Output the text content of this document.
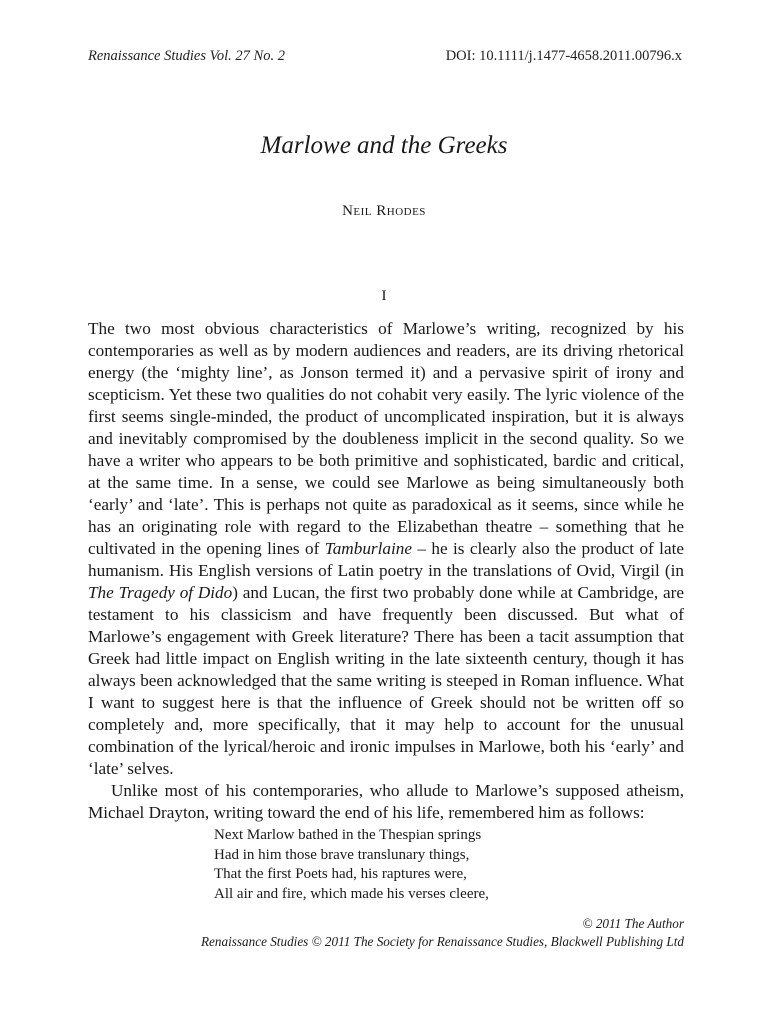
Renaissance Studies Vol. 27 No. 2	DOI: 10.1111/j.1477-4658.2011.00796.x
Marlowe and the Greeks
Neil Rhodes
I

The two most obvious characteristics of Marlowe’s writing, recognized by his contemporaries as well as by modern audiences and readers, are its driving rhetorical energy (the ‘mighty line’, as Jonson termed it) and a pervasive spirit of irony and scepticism. Yet these two qualities do not cohabit very easily. The lyric violence of the first seems single-minded, the product of uncomplicated inspiration, but it is always and inevitably compromised by the doubleness implicit in the second quality. So we have a writer who appears to be both primitive and sophisticated, bardic and critical, at the same time. In a sense, we could see Marlowe as being simultaneously both ‘early’ and ‘late’. This is perhaps not quite as paradoxical as it seems, since while he has an originating role with regard to the Elizabethan theatre – something that he cultivated in the opening lines of Tamburlaine – he is clearly also the product of late humanism. His English versions of Latin poetry in the translations of Ovid, Virgil (in The Tragedy of Dido) and Lucan, the first two probably done while at Cambridge, are testament to his classicism and have frequently been discussed. But what of Marlowe’s engagement with Greek literature? There has been a tacit assumption that Greek had little impact on English writing in the late sixteenth century, though it has always been acknowledged that the same writing is steeped in Roman influence. What I want to suggest here is that the influence of Greek should not be written off so completely and, more specifically, that it may help to account for the unusual combination of the lyrical/heroic and ironic impulses in Marlowe, both his ‘early’ and ‘late’ selves.

Unlike most of his contemporaries, who allude to Marlowe’s supposed atheism, Michael Drayton, writing toward the end of his life, remembered him as follows:

Next Marlow bathed in the Thespian springs
Had in him those brave translunary things,
That the first Poets had, his raptures were,
All air and fire, which made his verses cleere,
© 2011 The Author
Renaissance Studies © 2011 The Society for Renaissance Studies, Blackwell Publishing Ltd
